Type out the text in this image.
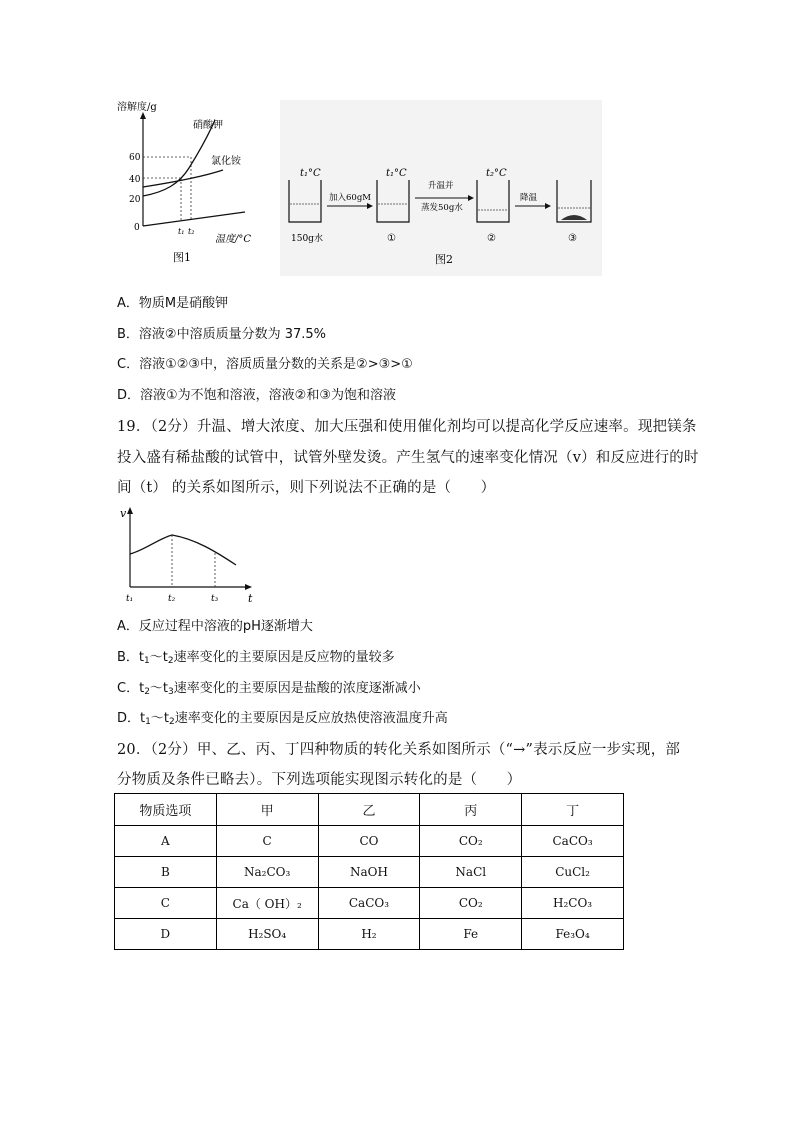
溶解度/g
温度/°C
60
40
20
0
硝酸钾
氯化铵
t₁ t₂
图1
t₁°C
150g水
加入60gM
t₁°C
①
升温并
蒸发50g水
t₂°C
②
降温
③
图2
A．物质M是硝酸钾
B．溶液②中溶质质量分数为 37.5%
C．溶液①②③中，溶质质量分数的关系是②>③>①
D．溶液①为不饱和溶液，溶液②和③为饱和溶液
19．（2分）升温、增大浓度、加大压强和使用催化剂均可以提高化学反应速率。现把镁条
投入盛有稀盐酸的试管中，试管外壁发烫。产生氢气的速率变化情况（v）和反应进行的时
间（t） 的关系如图所示，则下列说法不正确的是（　　）
v
t
t₁	t₂	t₃
A．反应过程中溶液的pH逐渐增大
B．$t_1\sim t_2$速率变化的主要原因是反应物的量较多
C．$t_2\sim t_3$速率变化的主要原因是盐酸的浓度逐渐减小
D．$t_1\sim t_2$速率变化的主要原因是反应放热使溶液温度升高
20．（2分）甲、乙、丙、丁四种物质的转化关系如图所示（“→”表示反应一步实现，部
分物质及条件已略去）。下列选项能实现图示转化的是（　　）
物质选项	甲	乙	丙	丁
A	C	CO	CO₂	CaCO₃
B	Na₂CO₃	NaOH	NaCl	CuCl₂
C	Ca（ OH）₂	CaCO₃	CO₂	H₂CO₃
D	H₂SO₄	H₂	Fe	Fe₃O₄
